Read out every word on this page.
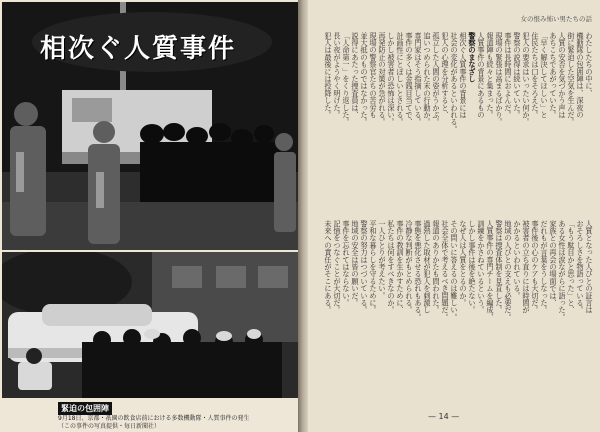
相次ぐ人質事件
緊迫の包囲陣
9月18日、京都・祇園の飲食店前における多数機動隊・人質事件の発生
（この事件の写真提供・毎日新聞社）
女の恨み怖い男たちの話
わたしたちの中に、
機動隊の包囲陣は、深夜の
街に緊迫した空気を生んだ。
人質の安否を気づかう声は
あちこちであがっていた。
「早く解決してほしい」と
住民たちは口をそろえた。
犯人の要求はいったい何か。
警察の説得は続いていた。
事件は長時間におよんだ。
現場の緊張は高まるばかり。
報道陣も続々と集まった。
人質事件の背景にあるもの
警察のまなざし
相次ぐ人質事件の背景には
社会の変化があるといわれる。
犯人の心理を分析すると、
孤立した人間の姿がうかぶ。
追いつめられた末の行動か。
専門家はそう指摘している。
事件の多くは金銭目当てで、
計画性にとぼしいとされる。
しかし被害者の恐怖は深い。
再発防止の対策が急がれる。
現場の警察官たちの苦労も
並大抵のものではなかった。
説得にあたった捜査員は、
「人命第一」をくり返した。
長い夜がようやく明けた。
犯人は最後には投降した。
人質となった人びとの証言は
おそろしさを物語っている。
「もう駄目かと思った」と、
ある女性は涙ながらに語った。
家族との再会の場面では、
だれもが言葉をうしなった。
事件後の心のケアも大切だ。
被害者の立ち直りには時間が
かかるといわれている。
地域の人びとの支えも必要だ。
警察は捜査体制を見直した。
人質事件の専門チームを編成、
訓練をかさねているという。
しかし事件は後を絶たない。
なぜ人は人質をとるのか。
その問いに答えるのは難しい。
社会全体で考えるべき問題だ。
報道のありかたも問われた。
過熱した取材が犯人を刺激し
事態を悪化させる恐れもある。
冷静な判断がもとめられる。
事件の教訓を生かすために、
私たちは何をすべきなのか。
一人ひとりが考えたい。
平和な暮らしを守るために。
警察の努力はつづいている。
地域の安全は皆の願いだ。
事件を忘れてはならない。
記憶をつなぐことが大切だ。
未来への責任がそこにある。
— 14 —
